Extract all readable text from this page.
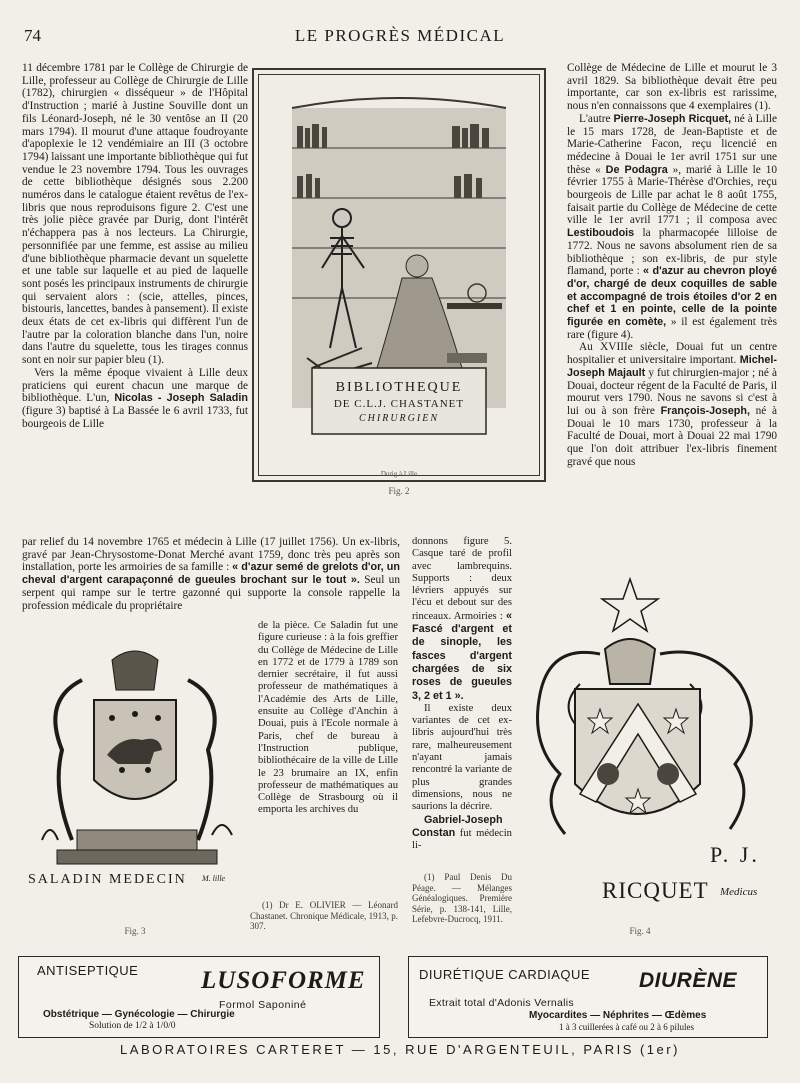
74	LE PROGRÈS MÉDICAL

11 décembre 1781 par le Collège de Chirurgie de Lille, professeur au Collège de Chirurgie de Lille (1782), chirurgien « disséqueur » de l'Hôpital d'Instruction ; marié à Justine Souville dont un fils Léonard-Joseph, né le 30 ventôse an II (20 mars 1794). Il mourut d'une attaque foudroyante d'apoplexie le 12 vendémiaire an III (3 octobre 1794) laissant une importante bibliothèque qui fut vendue le 23 novembre 1794. Tous les ouvrages de cette bibliothèque désignés sous 2.200 numéros dans le catalogue étaient revêtus de l'ex-libris que nous reproduisons figure 2. C'est une très jolie pièce gravée par Durig, dont l'intérêt n'échappera pas à nos lecteurs. La Chirurgie, personnifiée par une femme, est assise au milieu d'une bibliothèque pharmacie devant un squelette et une table sur laquelle et au pied de laquelle sont posés les principaux instruments de chirurgie qui servaient alors : (scie, attelles, pinces, bistouris, lancettes, bandes à pansement). Il existe deux états de cet ex-libris qui diffèrent l'un de l'autre par la coloration blanche dans l'un, noire dans l'autre du squelette, tous les tirages connus sont en noir sur papier bleu (1).

Vers la même époque vivaient à Lille deux praticiens qui eurent chacun une marque de bibliothèque. L'un, Nicolas - Joseph Saladin (figure 3) baptisé à La Bassée le 6 avril 1733, fut bourgeois de Lille

BIBLIOTHEQUE
DE C.L.J. CHASTANET
CHIRURGIEN
Durig à Lille
Fig. 2

Collège de Médecine de Lille et mourut le 3 avril 1829. Sa bibliothèque devait être peu importante, car son ex-libris est rarissime, nous n'en connaissons que 4 exemplaires (1).

L'autre Pierre-Joseph Ricquet, né à Lille le 15 mars 1728, de Jean-Baptiste et de Marie-Catherine Facon, reçu licencié en médecine à Douai le 1er avril 1751 sur une thèse « De Podagra », marié à Lille le 10 février 1755 à Marie-Thérèse d'Orchies, reçu bourgeois de Lille par achat le 8 août 1755, faisait partie du Collège de Médecine de cette ville le 1er avril 1771 ; il composa avec Lestiboudois la pharmacopée lilloise de 1772. Nous ne savons absolument rien de sa bibliothèque ; son ex-libris, de pur style flamand, porte : « d'azur au chevron ployé d'or, chargé de deux coquilles de sable et accompagné de trois étoiles d'or 2 en chef et 1 en pointe, celle de la pointe figurée en comète, » il est également très rare (figure 4).

Au XVIIIe siècle, Douai fut un centre hospitalier et universitaire important. Michel-Joseph Majault y fut chirurgien-major ; né à Douai, docteur régent de la Faculté de Paris, il mourut vers 1790. Nous ne savons si c'est à lui ou à son frère François-Joseph, né à Douai le 10 mars 1730, professeur à la Faculté de Douai, mort à Douai 22 mai 1790 que l'on doit attribuer l'ex-libris finement gravé que nous

par relief du 14 novembre 1765 et médecin à Lille (17 juillet 1756). Un ex-libris, gravé par Jean-Chrysostome-Donat Merché avant 1759, donc très peu après son installation, porte les armoiries de sa famille : « d'azur semé de grelots d'or, un cheval d'argent carapaçonné de gueules brochant sur le tout ». Seul un serpent qui rampe sur le tertre gazonné qui supporte la console rappelle la profession médicale du propriétaire

de la pièce. Ce Saladin fut une figure curieuse : à la fois greffier du Collège de Médecine de Lille en 1772 et de 1779 à 1789 son dernier secrétaire, il fut aussi professeur de mathématiques à l'Académie des Arts de Lille, ensuite au Collège d'Anchin à Douai, puis à l'Ecole normale à Paris, chef de bureau à l'Instruction publique, bibliothécaire de la ville de Lille le 23 brumaire an IX, enfin professeur de mathématiques au Collège de Strasbourg où il emporta les archives du

(1) Dr E. OLIVIER — Léonard Chastanet. Chronique Médicale, 1913, p. 307.

donnons figure 5. Casque taré de profil avec lambrequins. Supports : deux lévriers appuyés sur l'écu et debout sur des rinceaux. Armoiries : « Fascé d'argent et de sinople, les fasces d'argent chargées de six roses de gueules 3, 2 et 1 ».

Il existe deux variantes de cet ex-libris aujourd'hui très rare, malheureusement n'ayant jamais rencontré la variante de plus grandes dimensions, nous ne saurions la décrire.

Gabriel-Joseph Constan fut médecin li-

(1) Paul Denis Du Péage. — Mélanges Généalogiques. Première Série, p. 138-141, Lille, Lefebvre-Ducrocq, 1911.

SALADIN MEDECIN	M. lille
Fig. 3
P. J.
RICQUET Medicus
Fig. 4
ANTISEPTIQUE	LUSOFORME
Formol Saponiné
Obstétrique — Gynécologie — Chirurgie
Solution de 1/2 à 1/0/0
DIURÉTIQUE CARDIAQUE DIURÈNE
Extrait total d'Adonis Vernalis
Myocardites — Néphrites — Œdèmes
1 à 3 cuillerées à café ou 2 à 6 pilules
LABORATOIRES CARTERET — 15, RUE D'ARGENTEUIL, PARIS (1er)
